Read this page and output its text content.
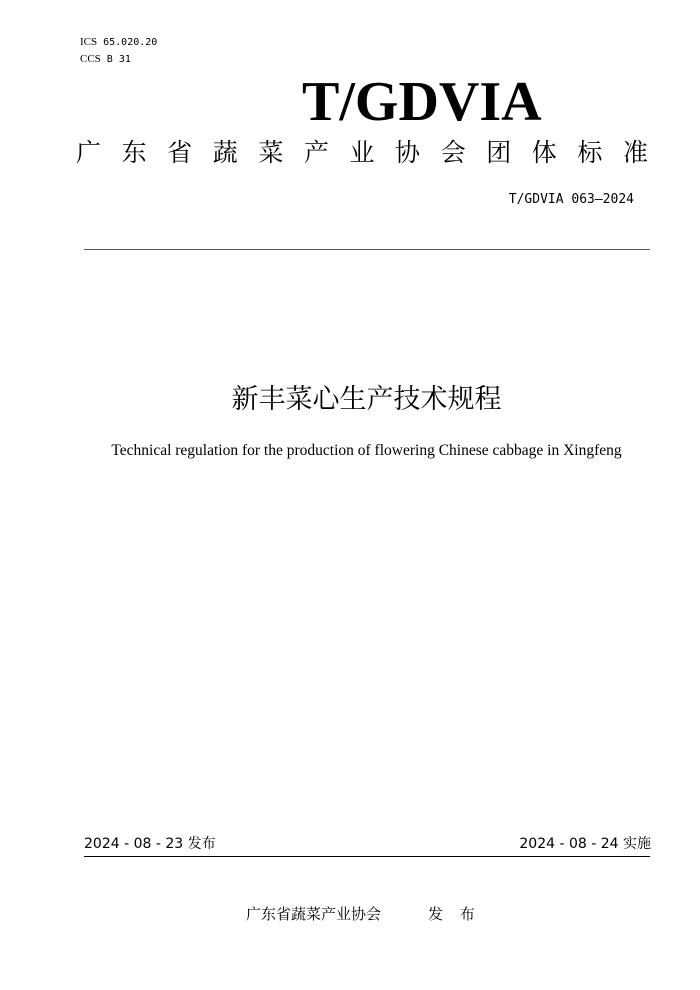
ICS 65.020.20
CCS B 31
T/GDVIA
广 东 省 蔬 菜 产 业 协 会 团 体 标 准
T/GDVIA 063—2024
新丰菜心生产技术规程
Technical regulation for the production of flowering Chinese cabbage in Xingfeng
2024 - 08 - 23 发布	2024 - 08 - 24 实施
广东省蔬菜产业协会	发 布
